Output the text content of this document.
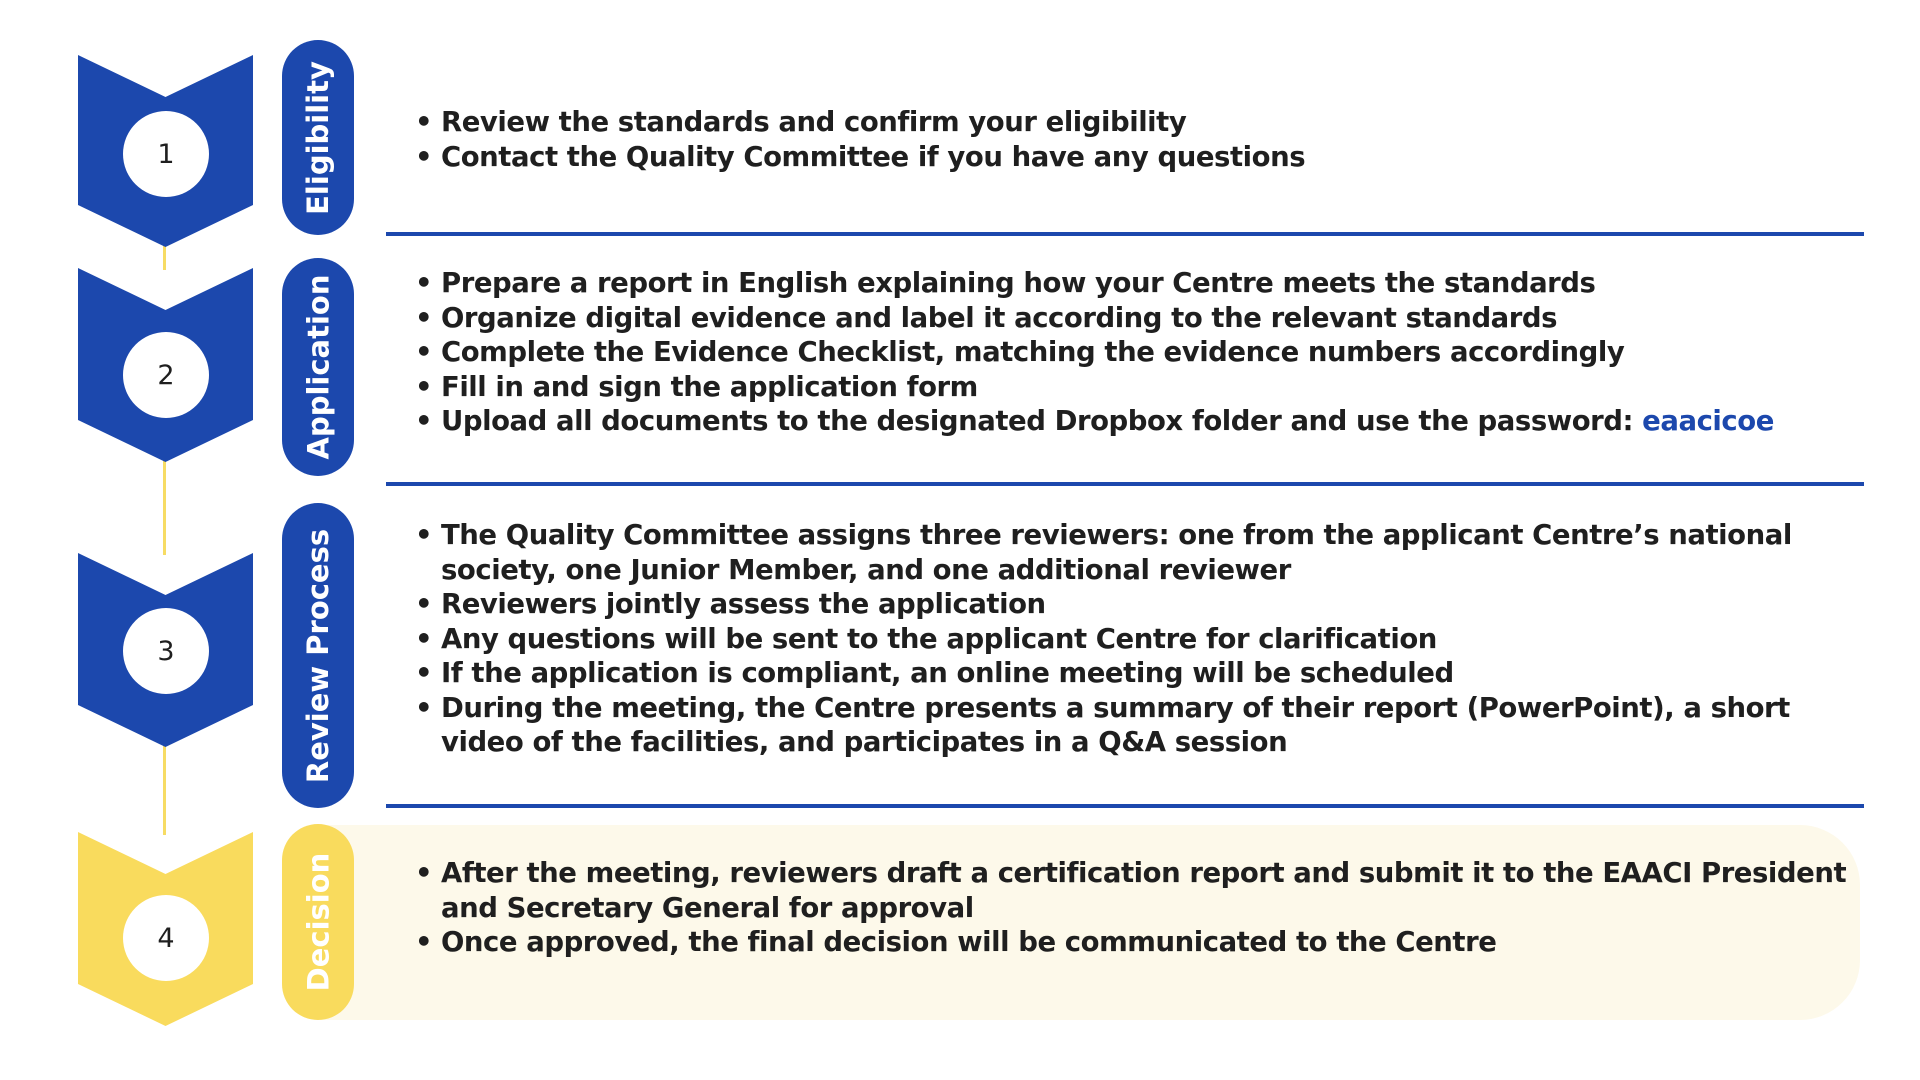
1	Eligibility	• Review the standards and confirm your eligibility
• Contact the Quality Committee if you have any questions
2	Application	• Prepare a report in English explaining how your Centre meets the standards
• Organize digital evidence and label it according to the relevant standards
• Complete the Evidence Checklist, matching the evidence numbers accordingly
• Fill in and sign the application form
• Upload all documents to the designated Dropbox folder and use the password: eaacicoe
3	Review Process	• The Quality Committee assigns three reviewers: one from the applicant Centre’s national society, one Junior Member, and one additional reviewer
• Reviewers jointly assess the application
• Any questions will be sent to the applicant Centre for clarification
• If the application is compliant, an online meeting will be scheduled
• During the meeting, the Centre presents a summary of their report (PowerPoint), a short video of the facilities, and participates in a Q&A session
4	Decision	• After the meeting, reviewers draft a certification report and submit it to the EAACI President and Secretary General for approval
• Once approved, the final decision will be communicated to the Centre
